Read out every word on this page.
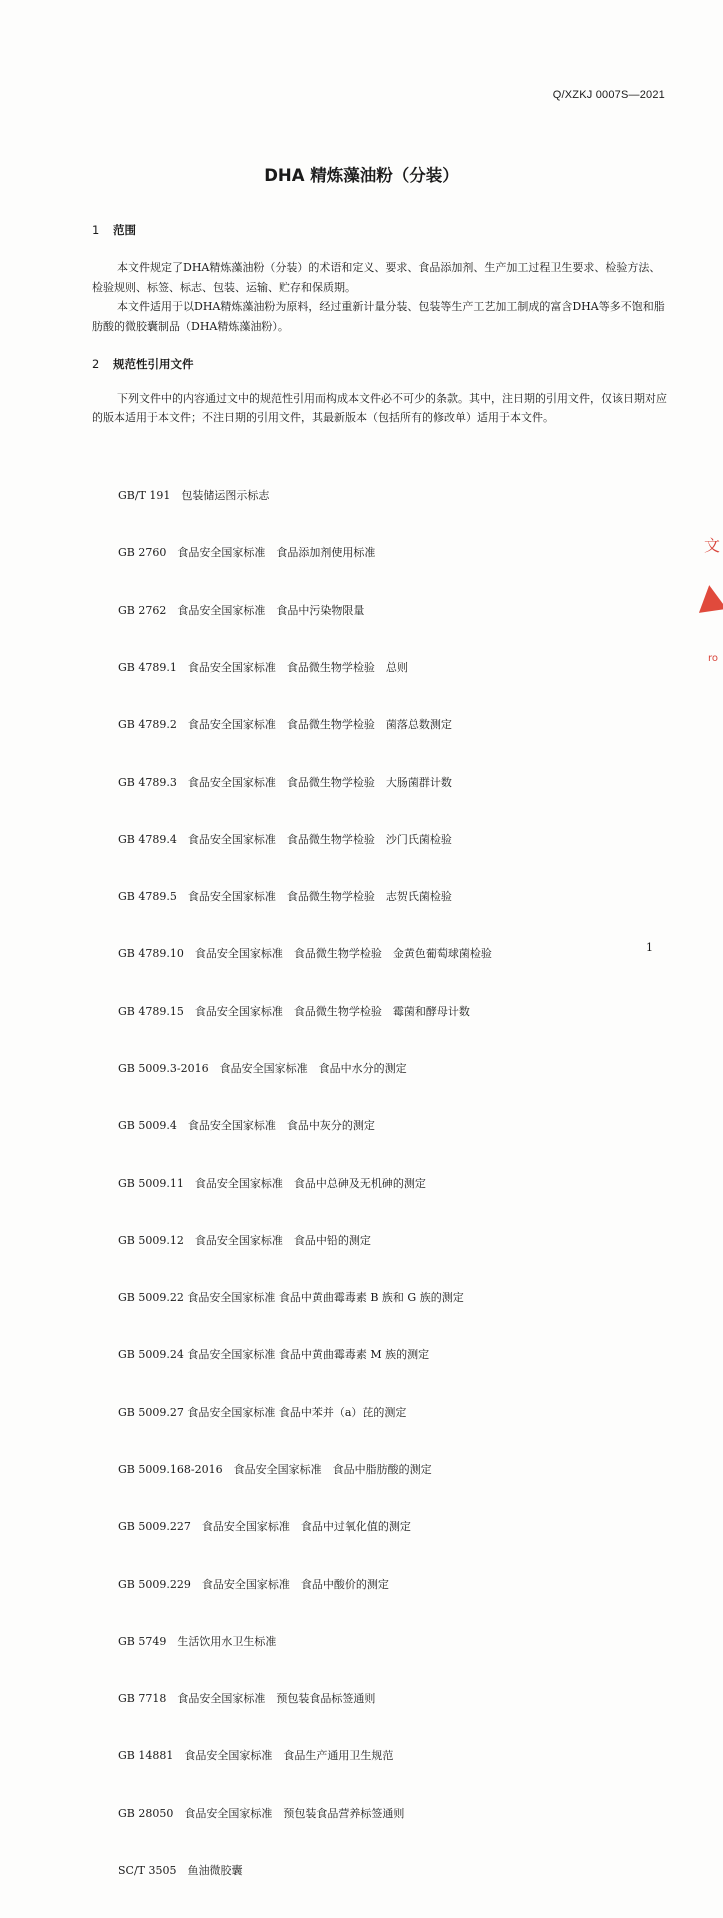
Q/XZKJ 0007S—2021
DHA 精炼藻油粉（分装）
1 范围

本文件规定了DHA精炼藻油粉（分装）的术语和定义、要求、食品添加剂、生产加工过程卫生要求、检验方法、检验规则、标签、标志、包装、运输、贮存和保质期。

本文件适用于以DHA精炼藻油粉为原料，经过重新计量分装、包装等生产工艺加工制成的富含DHA等多不饱和脂肪酸的微胶囊制品（DHA精炼藻油粉）。

2 规范性引用文件

下列文件中的内容通过文中的规范性引用而构成本文件必不可少的条款。其中，注日期的引用文件，仅该日期对应的版本适用于本文件；不注日期的引用文件，其最新版本（包括所有的修改单）适用于本文件。

GB/T 191　包装储运图示标志

GB 2760　食品安全国家标准　食品添加剂使用标准

GB 2762　食品安全国家标准　食品中污染物限量

GB 4789.1　食品安全国家标准　食品微生物学检验　总则

GB 4789.2　食品安全国家标准　食品微生物学检验　菌落总数测定

GB 4789.3　食品安全国家标准　食品微生物学检验　大肠菌群计数

GB 4789.4　食品安全国家标准　食品微生物学检验　沙门氏菌检验

GB 4789.5　食品安全国家标准　食品微生物学检验　志贺氏菌检验

GB 4789.10　食品安全国家标准　食品微生物学检验　金黄色葡萄球菌检验

GB 4789.15　食品安全国家标准　食品微生物学检验　霉菌和酵母计数

GB 5009.3-2016　食品安全国家标准　食品中水分的测定

GB 5009.4　食品安全国家标准　食品中灰分的测定

GB 5009.11　食品安全国家标准　食品中总砷及无机砷的测定

GB 5009.12　食品安全国家标准　食品中铅的测定

GB 5009.22 食品安全国家标准 食品中黄曲霉毒素 B 族和 G 族的测定

GB 5009.24 食品安全国家标准 食品中黄曲霉毒素 M 族的测定

GB 5009.27 食品安全国家标准 食品中苯并（a）芘的测定

GB 5009.168-2016　食品安全国家标准　食品中脂肪酸的测定

GB 5009.227　食品安全国家标准　食品中过氧化值的测定

GB 5009.229　食品安全国家标准　食品中酸价的测定

GB 5749　生活饮用水卫生标准

GB 7718　食品安全国家标准　预包装食品标签通则

GB 14881　食品安全国家标准　食品生产通用卫生规范

GB 28050　食品安全国家标准　预包装食品营养标签通则

SC/T 3505　鱼油微胶囊

1
文
ro
